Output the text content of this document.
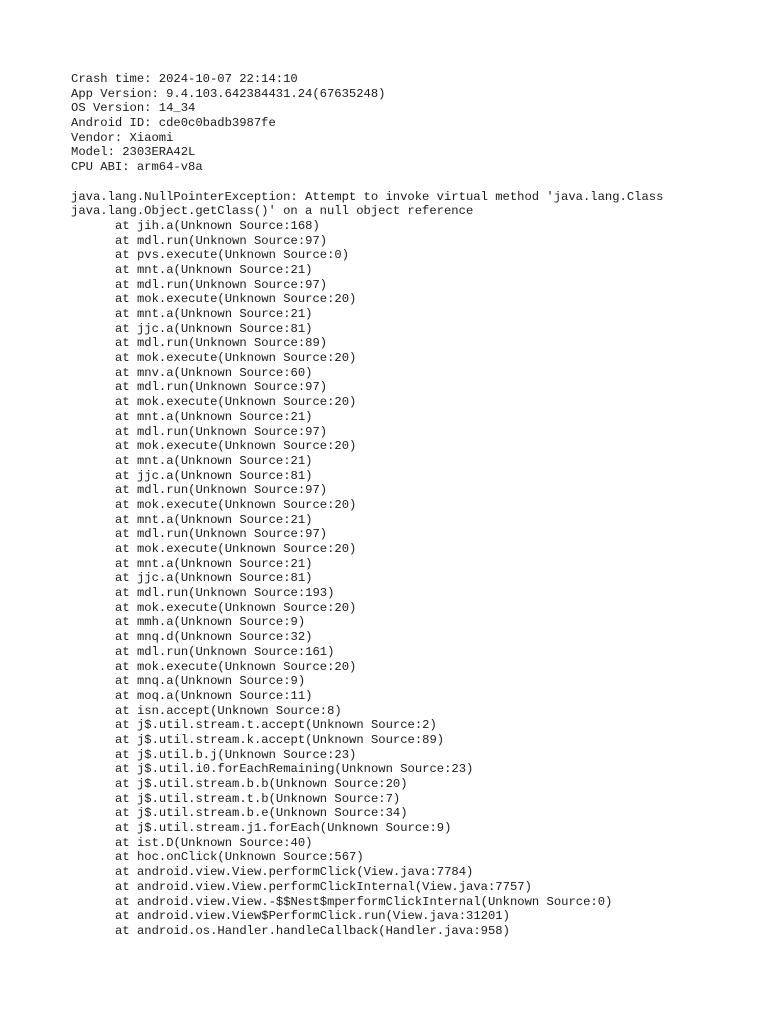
Crash time: 2024-10-07 22:14:10
App Version: 9.4.103.642384431.24(67635248)
OS Version: 14_34
Android ID: cde0c0badb3987fe
Vendor: Xiaomi
Model: 2303ERA42L
CPU ABI: arm64-v8a
java.lang.NullPointerException: Attempt to invoke virtual method 'java.lang.Class
java.lang.Object.getClass()' on a null object reference
at jih.a(Unknown Source:168)
at mdl.run(Unknown Source:97)
at pvs.execute(Unknown Source:0)
at mnt.a(Unknown Source:21)
at mdl.run(Unknown Source:97)
at mok.execute(Unknown Source:20)
at mnt.a(Unknown Source:21)
at jjc.a(Unknown Source:81)
at mdl.run(Unknown Source:89)
at mok.execute(Unknown Source:20)
at mnv.a(Unknown Source:60)
at mdl.run(Unknown Source:97)
at mok.execute(Unknown Source:20)
at mnt.a(Unknown Source:21)
at mdl.run(Unknown Source:97)
at mok.execute(Unknown Source:20)
at mnt.a(Unknown Source:21)
at jjc.a(Unknown Source:81)
at mdl.run(Unknown Source:97)
at mok.execute(Unknown Source:20)
at mnt.a(Unknown Source:21)
at mdl.run(Unknown Source:97)
at mok.execute(Unknown Source:20)
at mnt.a(Unknown Source:21)
at jjc.a(Unknown Source:81)
at mdl.run(Unknown Source:193)
at mok.execute(Unknown Source:20)
at mmh.a(Unknown Source:9)
at mnq.d(Unknown Source:32)
at mdl.run(Unknown Source:161)
at mok.execute(Unknown Source:20)
at mnq.a(Unknown Source:9)
at moq.a(Unknown Source:11)
at isn.accept(Unknown Source:8)
at j$.util.stream.t.accept(Unknown Source:2)
at j$.util.stream.k.accept(Unknown Source:89)
at j$.util.b.j(Unknown Source:23)
at j$.util.i0.forEachRemaining(Unknown Source:23)
at j$.util.stream.b.b(Unknown Source:20)
at j$.util.stream.t.b(Unknown Source:7)
at j$.util.stream.b.e(Unknown Source:34)
at j$.util.stream.j1.forEach(Unknown Source:9)
at ist.D(Unknown Source:40)
at hoc.onClick(Unknown Source:567)
at android.view.View.performClick(View.java:7784)
at android.view.View.performClickInternal(View.java:7757)
at android.view.View.-$$Nest$mperformClickInternal(Unknown Source:0)
at android.view.View$PerformClick.run(View.java:31201)
at android.os.Handler.handleCallback(Handler.java:958)
